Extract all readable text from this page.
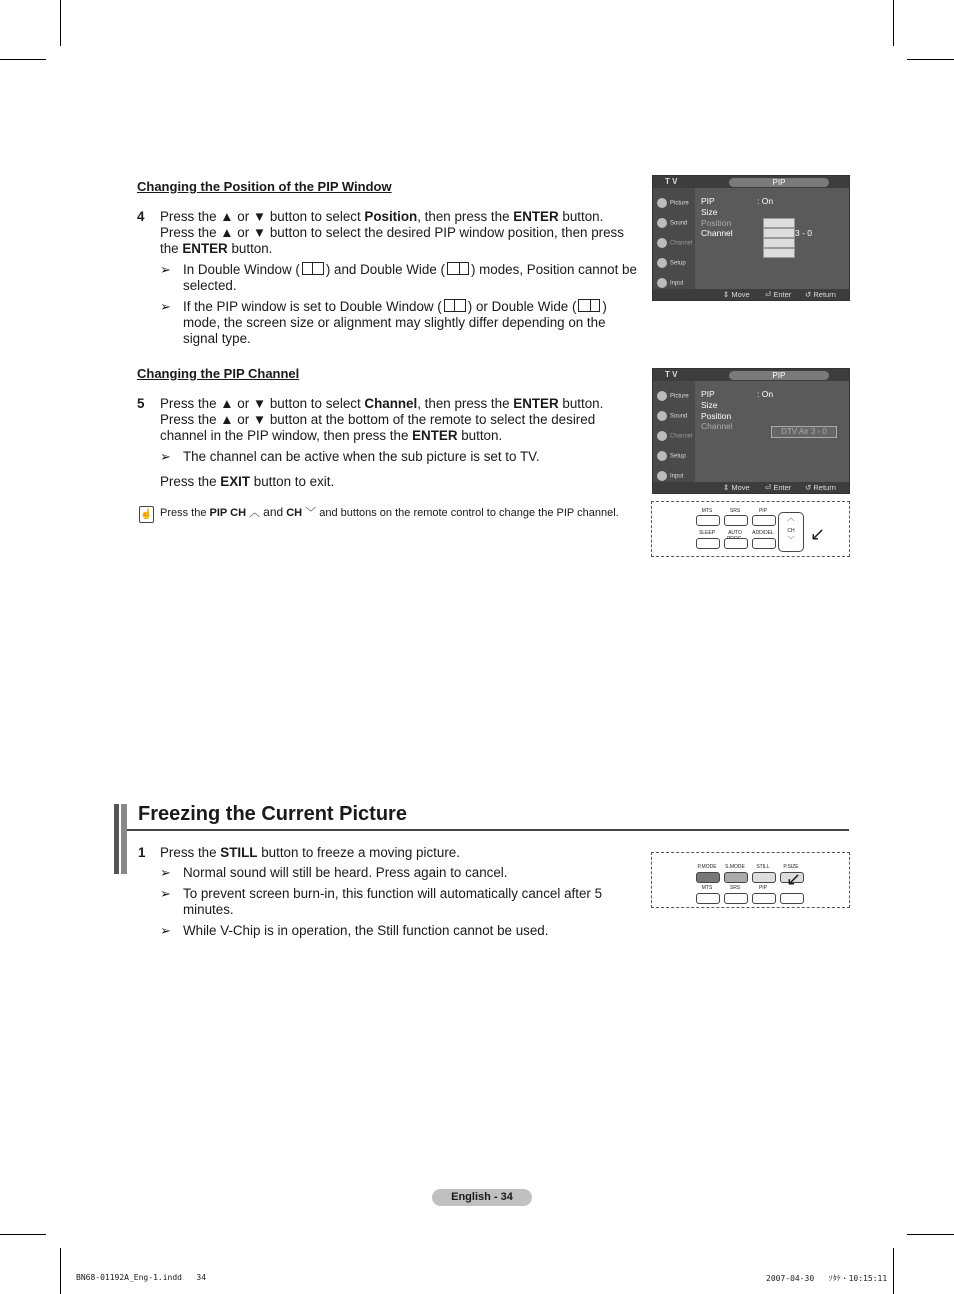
Changing the Position of the PIP Window
4 Press the ▲ or ▼ button to select Position, then press the ENTER button. Press the ▲ or ▼ button to select the desired PIP window position, then press the ENTER button.
➢ In Double Window ( ) and Double Wide ( ) modes, Position cannot be selected.
➢ If the PIP window is set to Double Window ( ) or Double Wide ( ) mode, the screen size or alignment may slightly differ depending on the signal type.
T V	PIP
Picture
Sound
Channel
Setup
Input
PIP
Size
Position
Channel
: On
3 - 0
⇕ Move ⏎ Enter ↺ Return
Changing the PIP Channel
5 Press the ▲ or ▼ button to select Channel, then press the ENTER button. Press the ▲ or ▼ button at the bottom of the remote to select the desired channel in the PIP window, then press the ENTER button.
➢ The channel can be active when the sub picture is set to TV.
Press the EXIT button to exit.
☝ Press the PIP CH ︿ and CH ﹀ and buttons on the remote control to change the PIP channel.
T V	PIP
Picture
Sound
Channel
Setup
Input
PIP
Size
Position
Channel
: On
DTV Air 3 - 0
⇕ Move ⏎ Enter ↺ Return
MTS	SRS	PIP
SLEEP	AUTO	ADD/DEL
︿
CH
﹀ ↙
Freezing the Current Picture
1 Press the STILL button to freeze a moving picture.
➢ Normal sound will still be heard. Press again to cancel.
➢ To prevent screen burn-in, this function will automatically cancel after 5 minutes.
➢ While V-Chip is in operation, the Still function cannot be used.
P.MODE	S.MODE	STILL	P.SIZE
MTS	SRS	PIP	↙
English - 34
BN68-01192A_Eng-1.indd   34	2007-04-30   ｿﾀｹ・10:15:11
